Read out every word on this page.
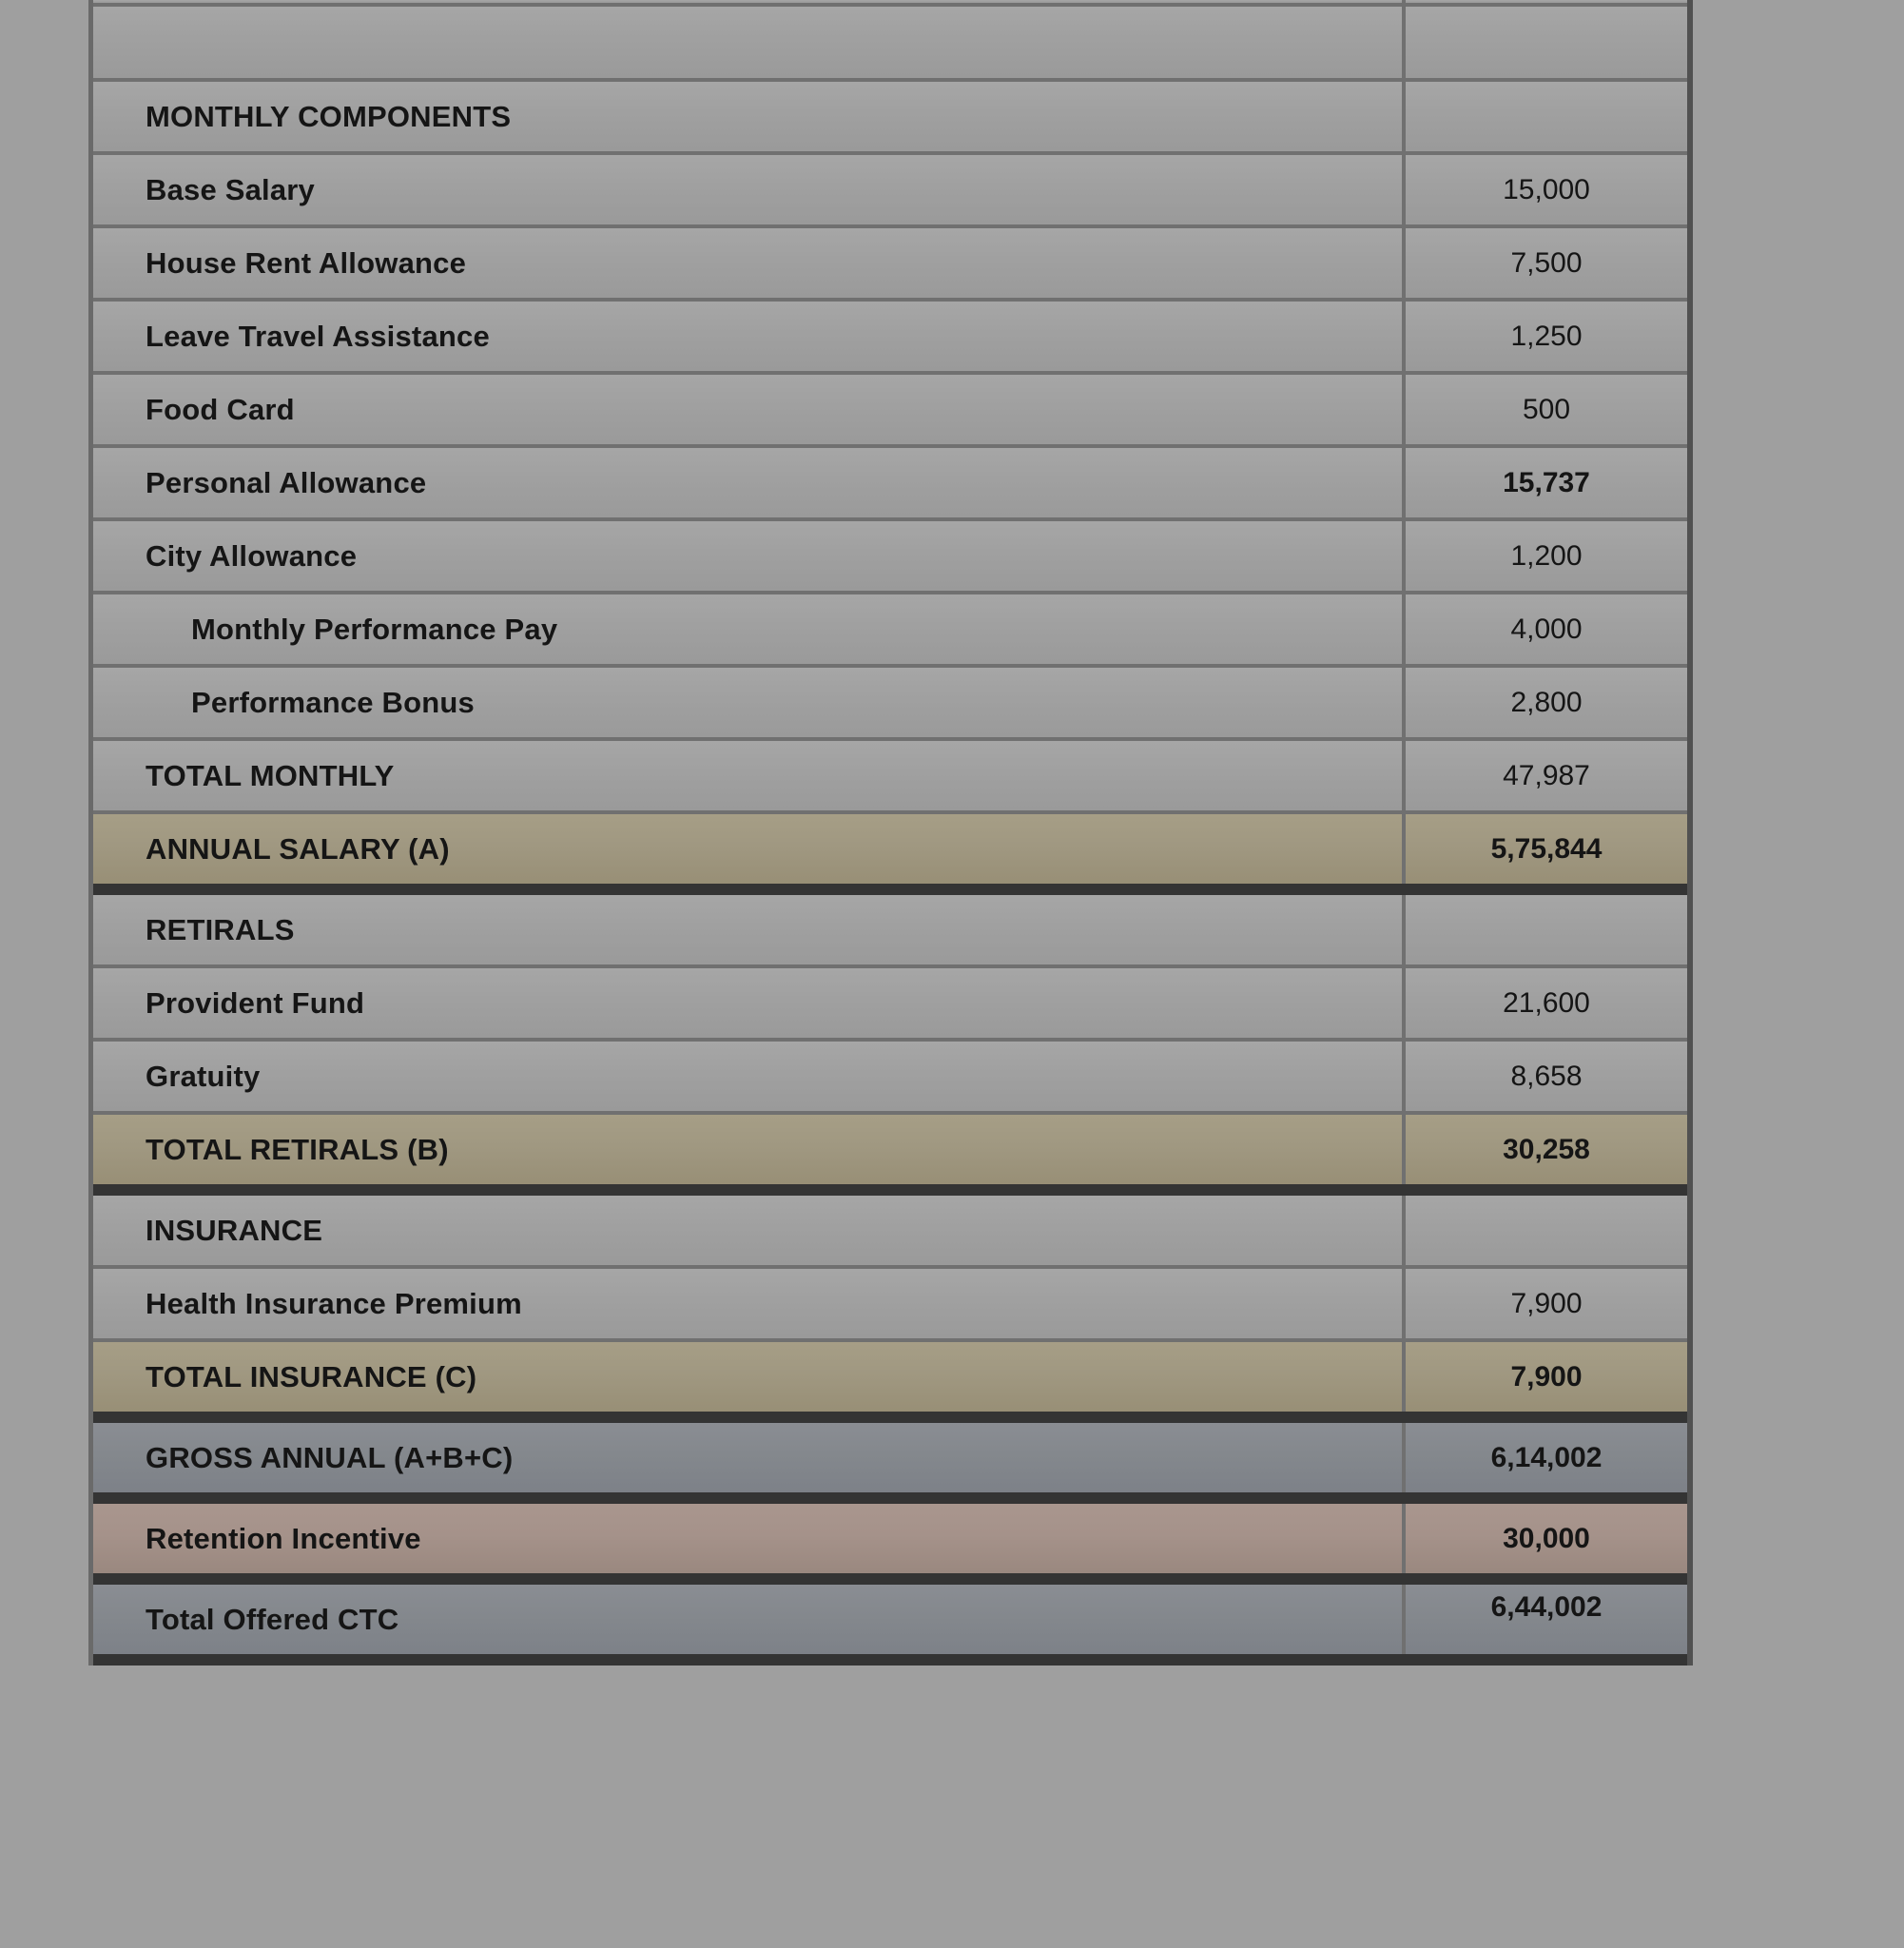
MONTHLY COMPONENTS
Base Salary	15,000
House Rent Allowance	7,500
Leave Travel Assistance	1,250
Food Card	500
Personal Allowance	15,737
City Allowance	1,200
Monthly Performance Pay	4,000
Performance Bonus	2,800
TOTAL MONTHLY	47,987
ANNUAL SALARY (A)	5,75,844
RETIRALS
Provident Fund	21,600
Gratuity	8,658
TOTAL RETIRALS (B)	30,258
INSURANCE
Health Insurance Premium	7,900
TOTAL INSURANCE (C)	7,900
GROSS ANNUAL (A+B+C)	6,14,002
Retention Incentive	30,000
Total Offered CTC	6,44,002
